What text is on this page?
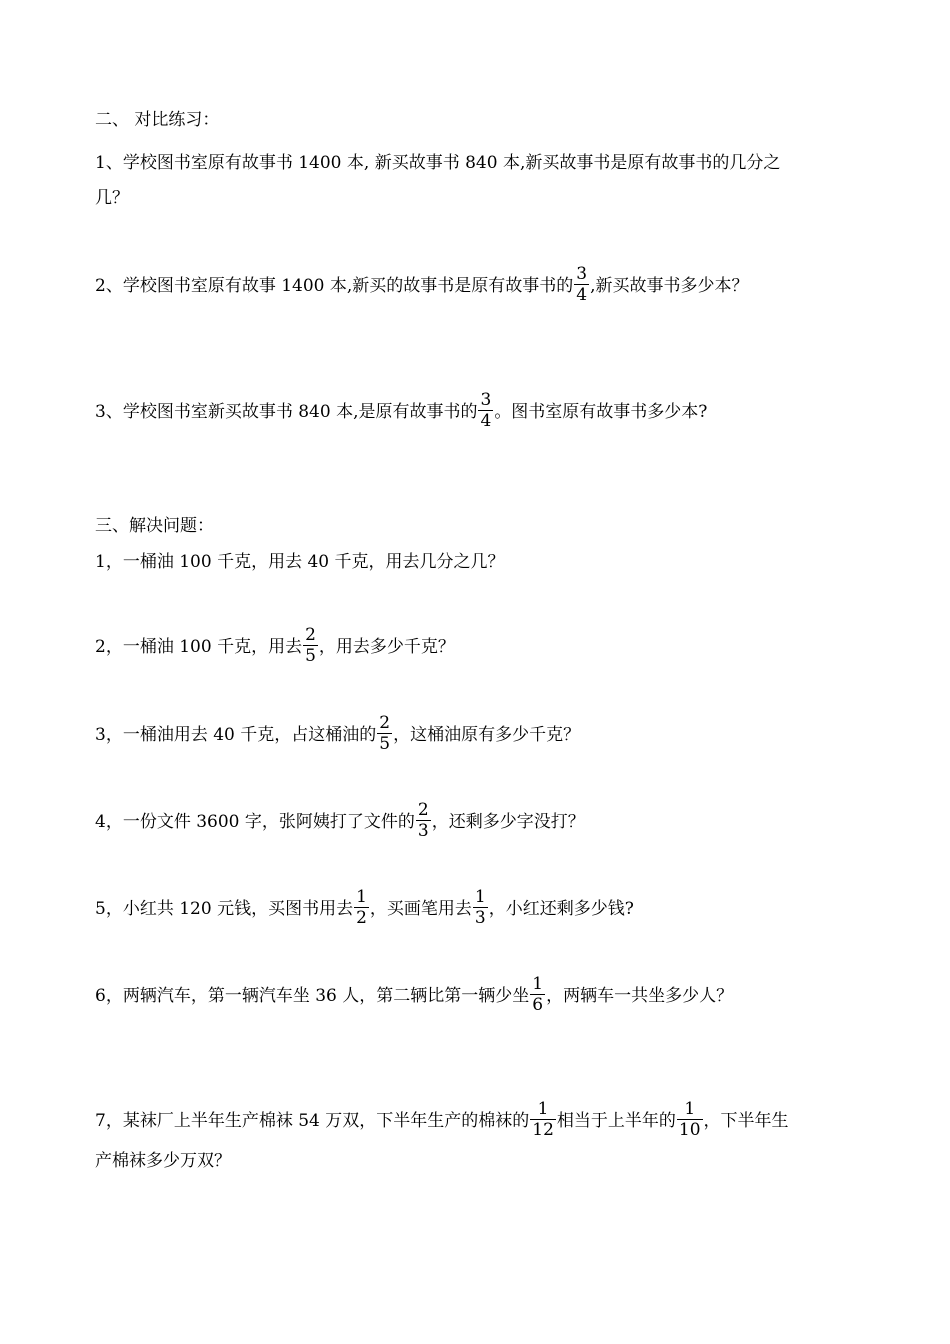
二、 对比练习：
1、学校图书室原有故事书 1400 本, 新买故事书 840 本,新买故事书是原有故事书的几分之
几？
2、学校图书室原有故事 1400 本,新买的故事书是原有故事书的 $\frac{3}{4}$ ,新买故事书多少本？
3、学校图书室新买故事书 840 本,是原有故事书的 $\frac{3}{4}$ 。图书室原有故事书多少本?
三、解决问题：
1，一桶油 100 千克，用去 40 千克，用去几分之几？
2，一桶油 100 千克，用去 $\frac{2}{5}$ ，用去多少千克？
3，一桶油用去 40 千克，占这桶油的 $\frac{2}{5}$ ，这桶油原有多少千克？
4，一份文件 3600 字，张阿姨打了文件的 $\frac{2}{3}$ ，还剩多少字没打？
5，小红共 120 元钱，买图书用去 $\frac{1}{2}$ ，买画笔用去 $\frac{1}{3}$ ，小红还剩多少钱?
6，两辆汽车，第一辆汽车坐 36 人，第二辆比第一辆少坐 $\frac{1}{6}$ ，两辆车一共坐多少人？
7，某袜厂上半年生产棉袜 54 万双，下半年生产的棉袜的 $\frac{1}{12}$ 相当于上半年的 $\frac{1}{10}$ ，下半年生
产棉袜多少万双？
